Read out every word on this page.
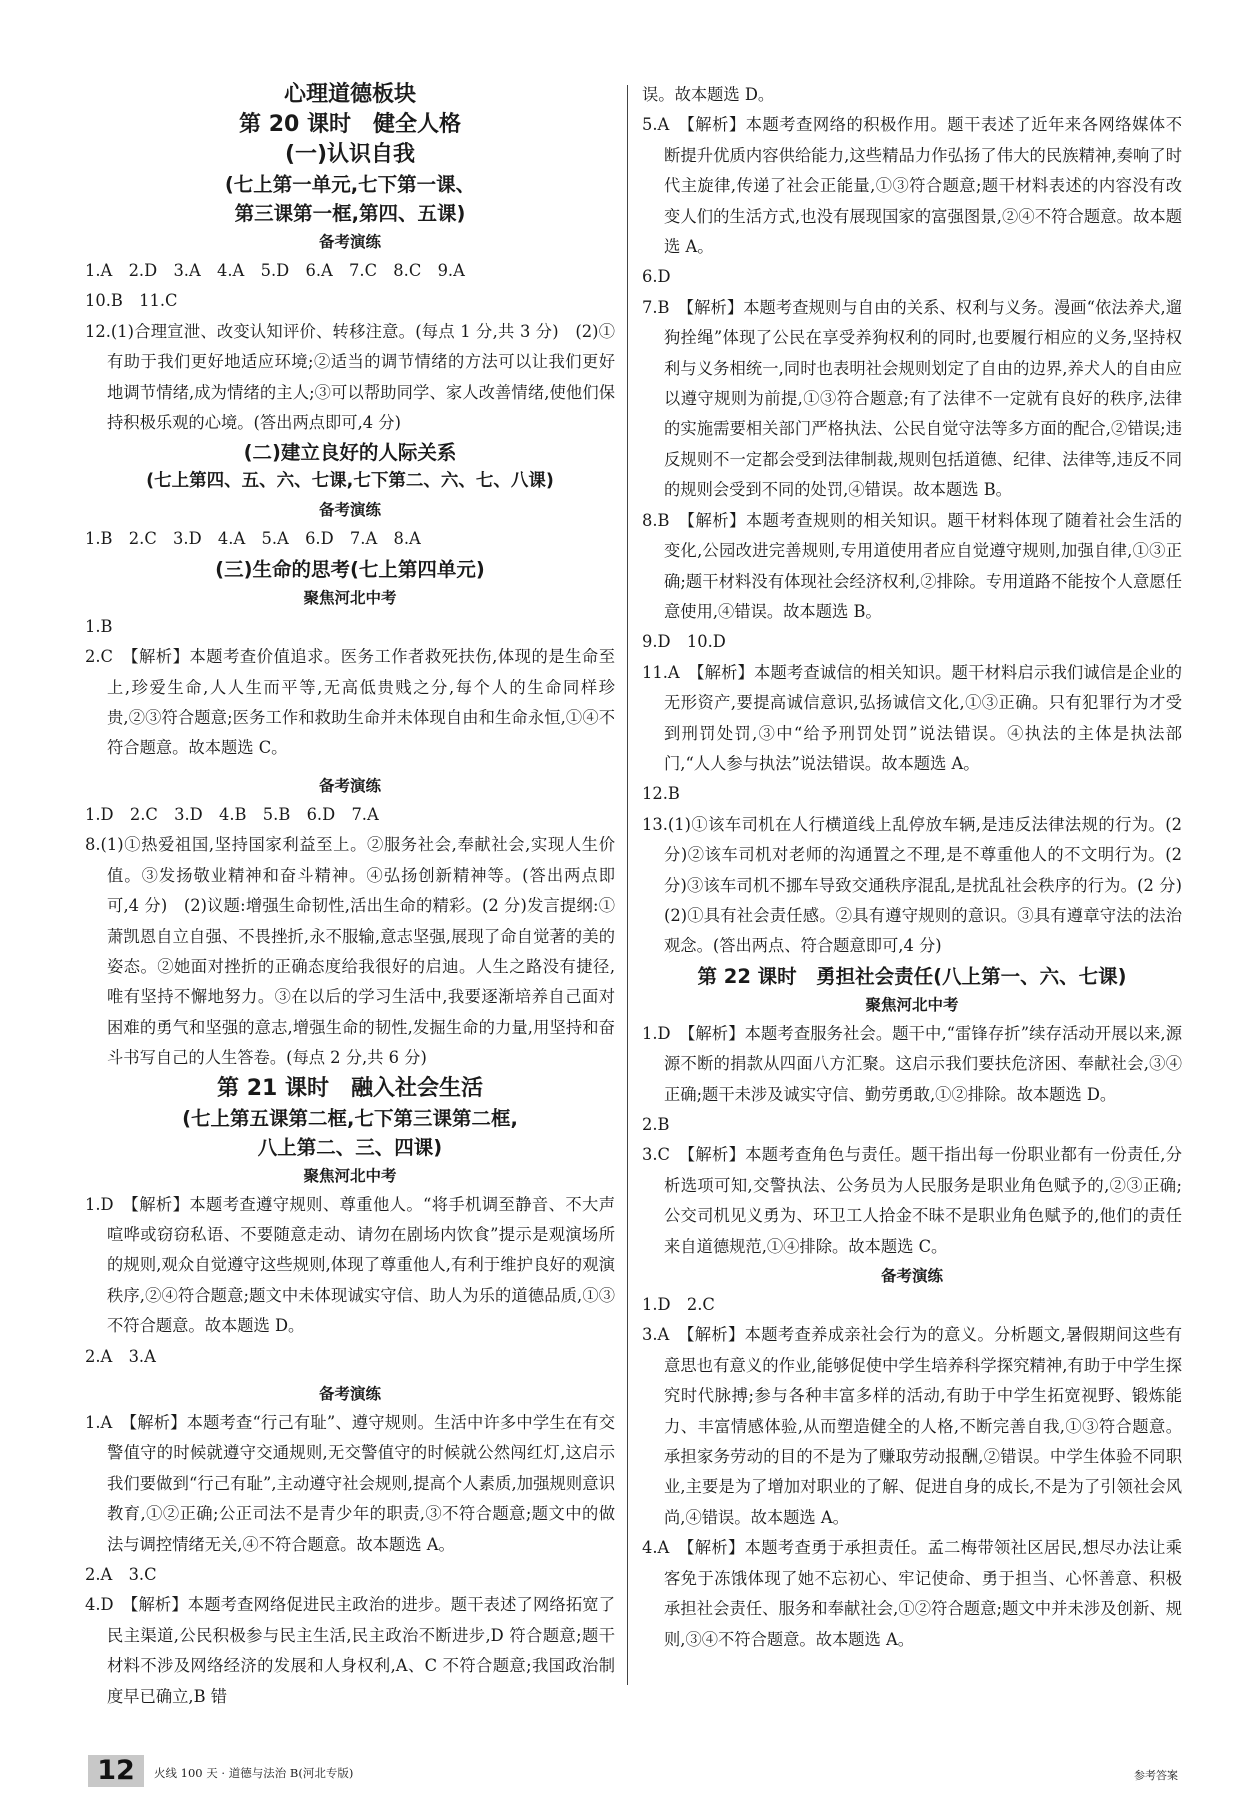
心理道德板块

第 20 课时　健全人格

(一)认识自我

(七上第一单元,七下第一课、

第三课第一框,第四、五课)

备考演练

1.A　2.D　3.A　4.A　5.D　6.A　7.C　8.C　9.A

10.B　11.C

12.(1)合理宣泄、改变认知评价、转移注意。(每点 1 分,共 3 分)　(2)①有助于我们更好地适应环境;②适当的调节情绪的方法可以让我们更好地调节情绪,成为情绪的主人;③可以帮助同学、家人改善情绪,使他们保持积极乐观的心境。(答出两点即可,4 分)

(二)建立良好的人际关系

(七上第四、五、六、七课,七下第二、六、七、八课)

备考演练

1.B　2.C　3.D　4.A　5.A　6.D　7.A　8.A

(三)生命的思考(七上第四单元)

聚焦河北中考

1.B

2.C　【解析】本题考查价值追求。医务工作者救死扶伤,体现的是生命至上,珍爱生命,人人生而平等,无高低贵贱之分,每个人的生命同样珍贵,②③符合题意;医务工作和救助生命并未体现自由和生命永恒,①④不符合题意。故本题选 C。

备考演练

1.D　2.C　3.D　4.B　5.B　6.D　7.A

8.(1)①热爱祖国,坚持国家利益至上。②服务社会,奉献社会,实现人生价值。③发扬敬业精神和奋斗精神。④弘扬创新精神等。(答出两点即可,4 分)　(2)议题:增强生命韧性,活出生命的精彩。(2 分)发言提纲:①萧凯恩自立自强、不畏挫折,永不服输,意志坚强,展现了命自觉著的美的姿态。②她面对挫折的正确态度给我很好的启迪。人生之路没有捷径,唯有坚持不懈地努力。③在以后的学习生活中,我要逐渐培养自己面对困难的勇气和坚强的意志,增强生命的韧性,发掘生命的力量,用坚持和奋斗书写自己的人生答卷。(每点 2 分,共 6 分)

第 21 课时　融入社会生活

(七上第五课第二框,七下第三课第二框,

八上第二、三、四课)

聚焦河北中考

1.D　【解析】本题考查遵守规则、尊重他人。“将手机调至静音、不大声喧哗或窃窃私语、不要随意走动、请勿在剧场内饮食”提示是观演场所的规则,观众自觉遵守这些规则,体现了尊重他人,有利于维护良好的观演秩序,②④符合题意;题文中未体现诚实守信、助人为乐的道德品质,①③不符合题意。故本题选 D。

2.A　3.A

备考演练

1.A　【解析】本题考查“行己有耻”、遵守规则。生活中许多中学生在有交警值守的时候就遵守交通规则,无交警值守的时候就公然闯红灯,这启示我们要做到“行己有耻”,主动遵守社会规则,提高个人素质,加强规则意识教育,①②正确;公正司法不是青少年的职责,③不符合题意;题文中的做法与调控情绪无关,④不符合题意。故本题选 A。

2.A　3.C

4.D　【解析】本题考查网络促进民主政治的进步。题干表述了网络拓宽了民主渠道,公民积极参与民主生活,民主政治不断进步,D 符合题意;题干材料不涉及网络经济的发展和人身权利,A、C 不符合题意;我国政治制度早已确立,B 错

误。故本题选 D。

5.A　【解析】本题考查网络的积极作用。题干表述了近年来各网络媒体不断提升优质内容供给能力,这些精品力作弘扬了伟大的民族精神,奏响了时代主旋律,传递了社会正能量,①③符合题意;题干材料表述的内容没有改变人们的生活方式,也没有展现国家的富强图景,②④不符合题意。故本题选 A。

6.D

7.B　【解析】本题考查规则与自由的关系、权利与义务。漫画“依法养犬,遛狗拴绳”体现了公民在享受养狗权利的同时,也要履行相应的义务,坚持权利与义务相统一,同时也表明社会规则划定了自由的边界,养犬人的自由应以遵守规则为前提,①③符合题意;有了法律不一定就有良好的秩序,法律的实施需要相关部门严格执法、公民自觉守法等多方面的配合,②错误;违反规则不一定都会受到法律制裁,规则包括道德、纪律、法律等,违反不同的规则会受到不同的处罚,④错误。故本题选 B。

8.B　【解析】本题考查规则的相关知识。题干材料体现了随着社会生活的变化,公园改进完善规则,专用道使用者应自觉遵守规则,加强自律,①③正确;题干材料没有体现社会经济权利,②排除。专用道路不能按个人意愿任意使用,④错误。故本题选 B。

9.D　10.D

11.A　【解析】本题考查诚信的相关知识。题干材料启示我们诚信是企业的无形资产,要提高诚信意识,弘扬诚信文化,①③正确。只有犯罪行为才受到刑罚处罚,③中“给予刑罚处罚”说法错误。④执法的主体是执法部门,“人人参与执法”说法错误。故本题选 A。

12.B

13.(1)①该车司机在人行横道线上乱停放车辆,是违反法律法规的行为。(2 分)②该车司机对老师的沟通置之不理,是不尊重他人的不文明行为。(2 分)③该车司机不挪车导致交通秩序混乱,是扰乱社会秩序的行为。(2 分)　(2)①具有社会责任感。②具有遵守规则的意识。③具有遵章守法的法治观念。(答出两点、符合题意即可,4 分)

第 22 课时　勇担社会责任(八上第一、六、七课)

聚焦河北中考

1.D　【解析】本题考查服务社会。题干中,“雷锋存折”续存活动开展以来,源源不断的捐款从四面八方汇聚。这启示我们要扶危济困、奉献社会,③④正确;题干未涉及诚实守信、勤劳勇敢,①②排除。故本题选 D。

2.B

3.C　【解析】本题考查角色与责任。题干指出每一份职业都有一份责任,分析选项可知,交警执法、公务员为人民服务是职业角色赋予的,②③正确;公交司机见义勇为、环卫工人拾金不昧不是职业角色赋予的,他们的责任来自道德规范,①④排除。故本题选 C。

备考演练

1.D　2.C

3.A　【解析】本题考查养成亲社会行为的意义。分析题文,暑假期间这些有意思也有意义的作业,能够促使中学生培养科学探究精神,有助于中学生探究时代脉搏;参与各种丰富多样的活动,有助于中学生拓宽视野、锻炼能力、丰富情感体验,从而塑造健全的人格,不断完善自我,①③符合题意。承担家务劳动的目的不是为了赚取劳动报酬,②错误。中学生体验不同职业,主要是为了增加对职业的了解、促进自身的成长,不是为了引领社会风尚,④错误。故本题选 A。

4.A　【解析】本题考查勇于承担责任。孟二梅带领社区居民,想尽办法让乘客免于冻饿体现了她不忘初心、牢记使命、勇于担当、心怀善意、积极承担社会责任、服务和奉献社会,①②符合题意;题文中并未涉及创新、规则,③④不符合题意。故本题选 A。

12	火线 100 天 · 道德与法治 B(河北专版)	参考答案
